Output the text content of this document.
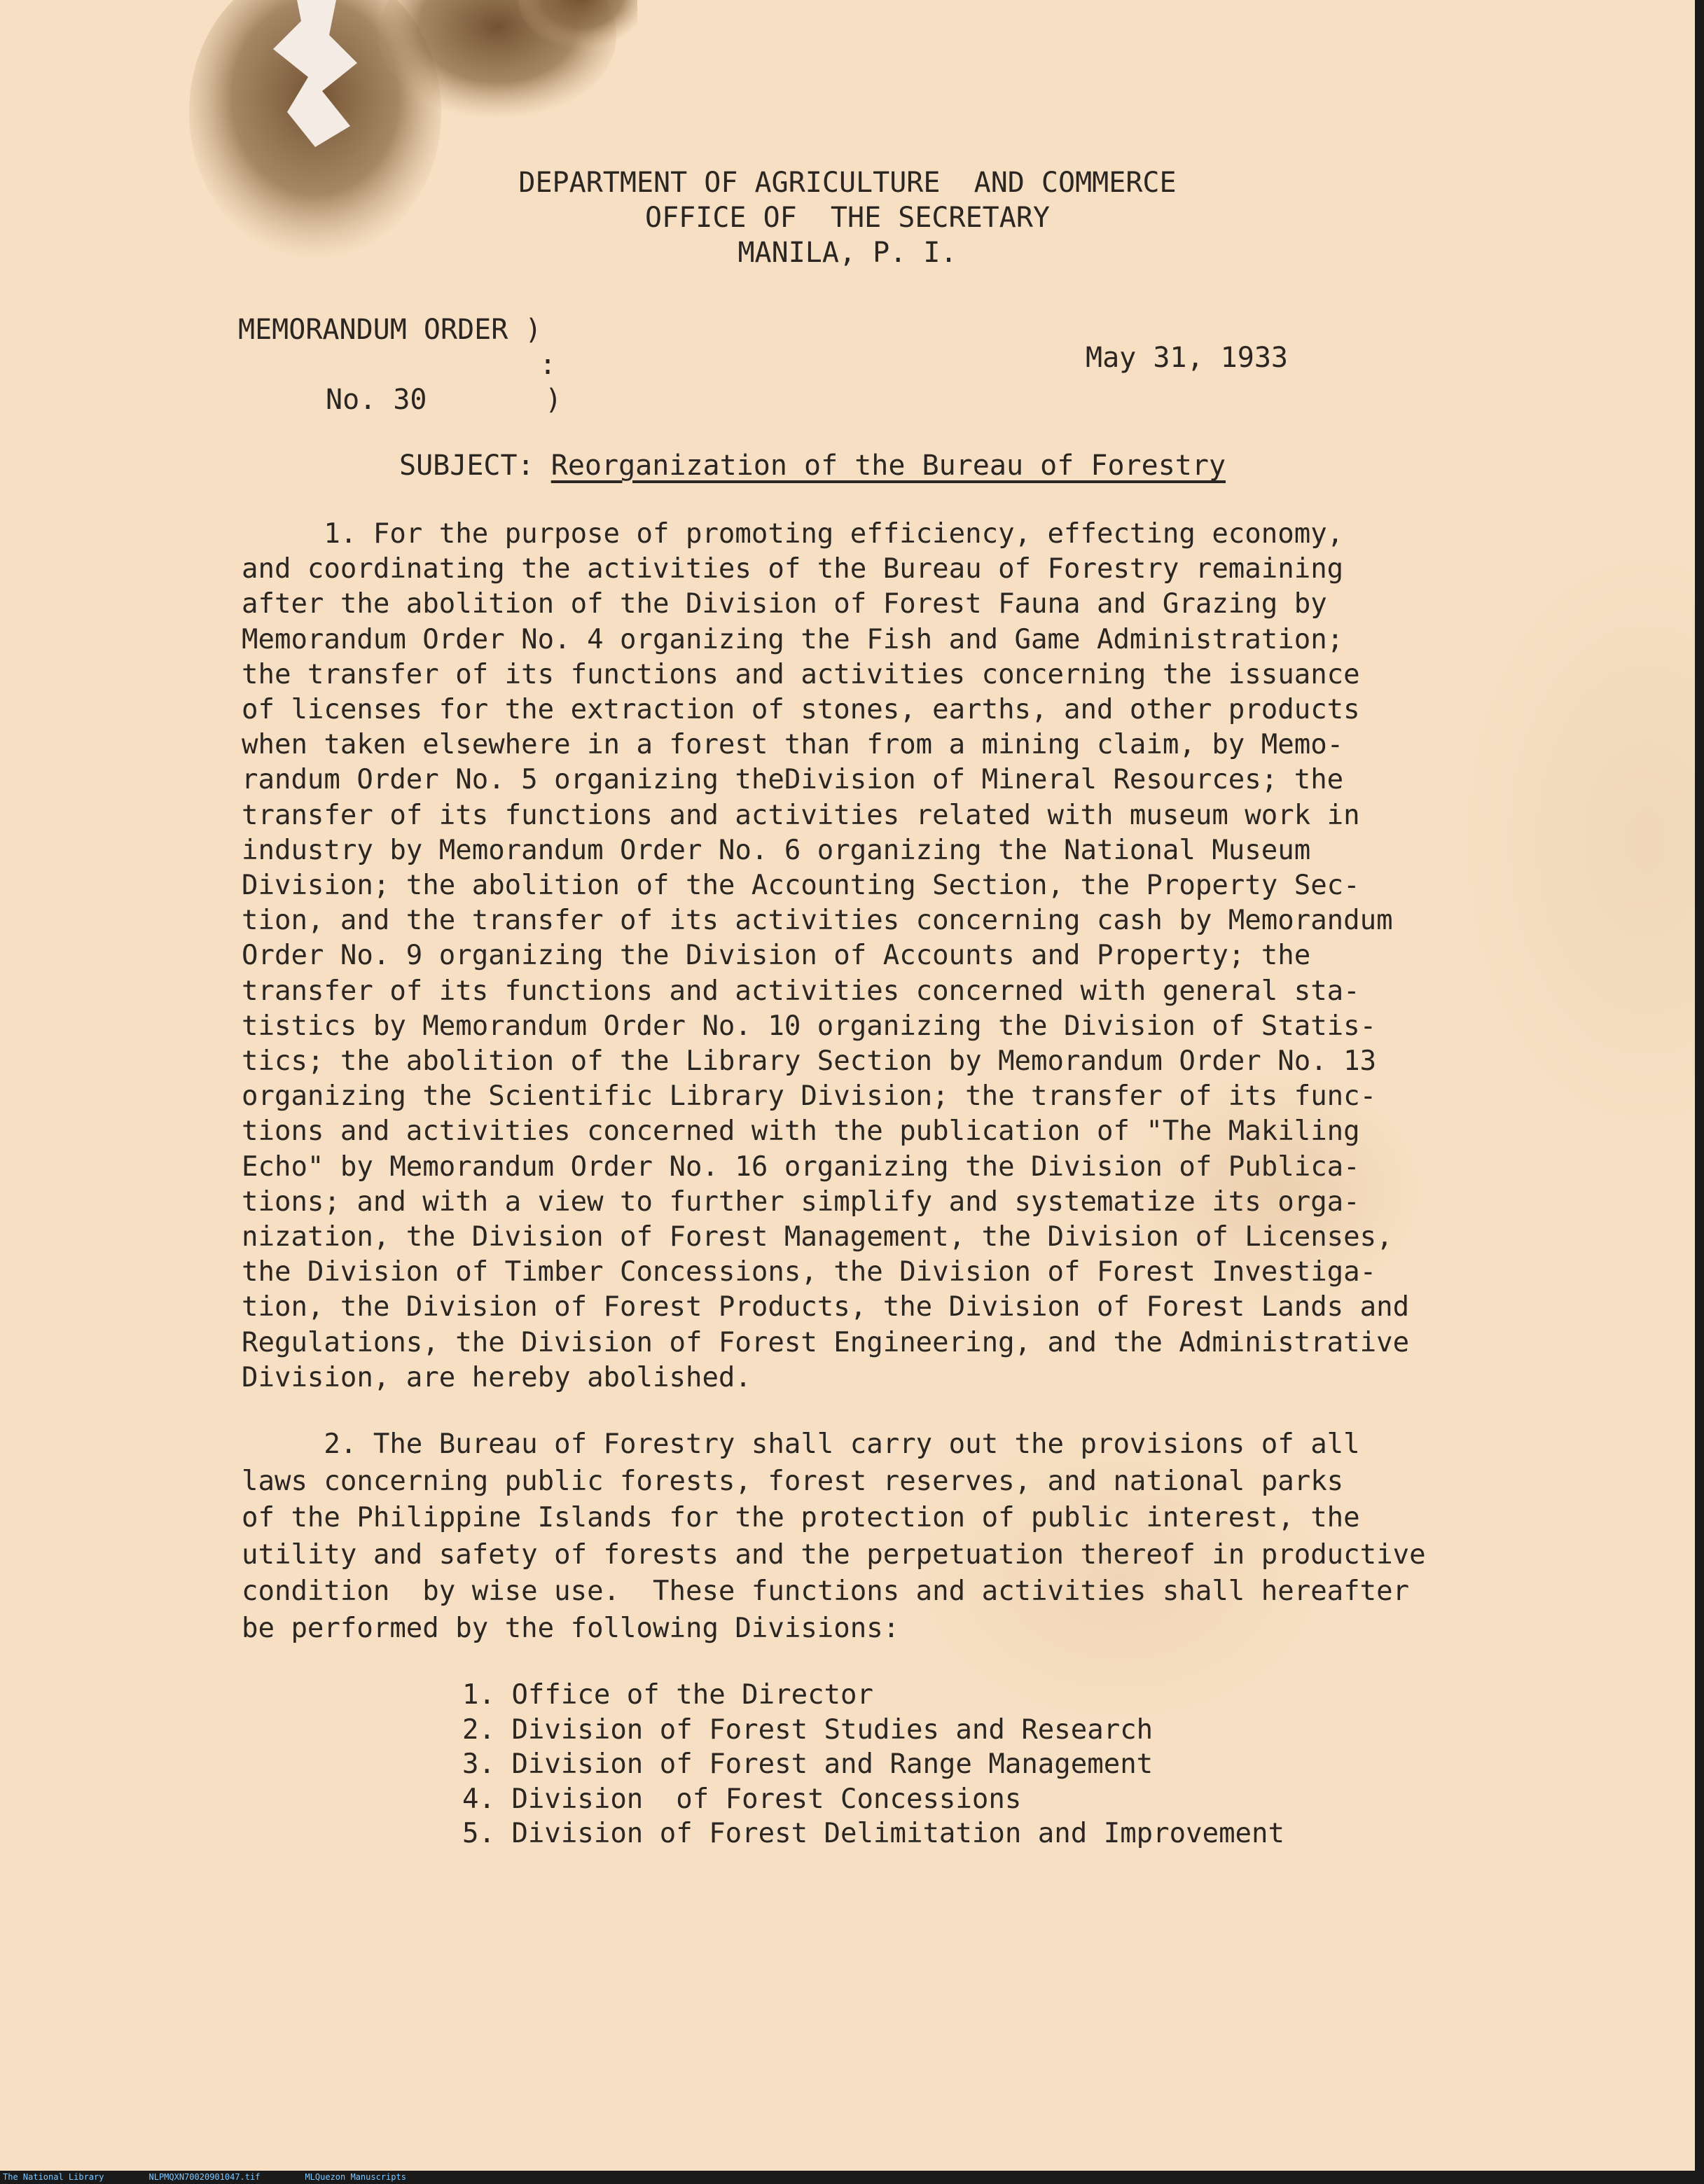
DEPARTMENT OF AGRICULTURE  AND COMMERCE
OFFICE OF  THE SECRETARY
MANILA, P. I.
MEMORANDUM ORDER )
:
No. 30       )
May 31, 1933
SUBJECT: Reorganization of the Bureau of Forestry
1. For the purpose of promoting efficiency, effecting economy,
and coordinating the activities of the Bureau of Forestry remaining
after the abolition of the Division of Forest Fauna and Grazing by
Memorandum Order No. 4 organizing the Fish and Game Administration;
the transfer of its functions and activities concerning the issuance
of licenses for the extraction of stones, earths, and other products
when taken elsewhere in a forest than from a mining claim, by Memo-
randum Order No. 5 organizing theDivision of Mineral Resources; the
transfer of its functions and activities related with museum work in
industry by Memorandum Order No. 6 organizing the National Museum
Division; the abolition of the Accounting Section, the Property Sec-
tion, and the transfer of its activities concerning cash by Memorandum
Order No. 9 organizing the Division of Accounts and Property; the
transfer of its functions and activities concerned with general sta-
tistics by Memorandum Order No. 10 organizing the Division of Statis-
tics; the abolition of the Library Section by Memorandum Order No. 13
organizing the Scientific Library Division; the transfer of its func-
tions and activities concerned with the publication of "The Makiling
Echo" by Memorandum Order No. 16 organizing the Division of Publica-
tions; and with a view to further simplify and systematize its orga-
nization, the Division of Forest Management, the Division of Licenses,
the Division of Timber Concessions, the Division of Forest Investiga-
tion, the Division of Forest Products, the Division of Forest Lands and
Regulations, the Division of Forest Engineering, and the Administrative
Division, are hereby abolished.
2. The Bureau of Forestry shall carry out the provisions of all
laws concerning public forests, forest reserves, and national parks
of the Philippine Islands for the protection of public interest, the
utility and safety of forests and the perpetuation thereof in productive
condition  by wise use.  These functions and activities shall hereafter
be performed by the following Divisions:
1. Office of the Director
2. Division of Forest Studies and Research
3. Division of Forest and Range Management
4. Division  of Forest Concessions
5. Division of Forest Delimitation and Improvement
The National Library	NLPMQXN70020901047.tif	MLQuezon Manuscripts
